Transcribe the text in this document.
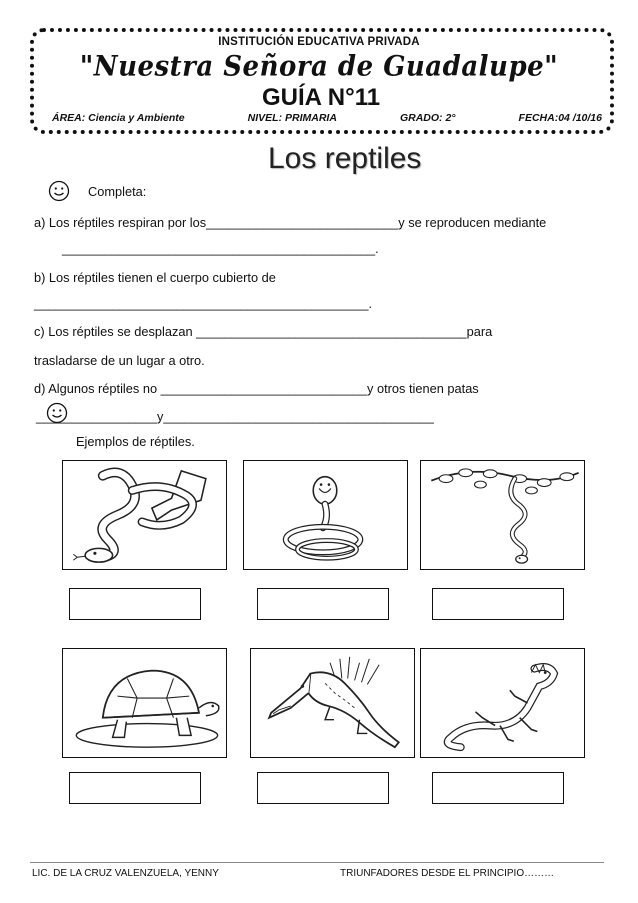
INSTITUCIÓN EDUCATIVA PRIVADA
"Nuestra Señora de Guadalupe"
GUÍA N°11
ÁREA: Ciencia y Ambiente	NIVEL: PRIMARIA	GRADO: 2°	FECHA:04 /10/16
Los reptiles
Completa:
a) Los réptiles respiran por los___________________________y se reproducen mediante
____________________________________________.
b) Los réptiles tienen el cuerpo cubierto de
_______________________________________________.
c) Los réptiles se desplazan ______________________________________para
trasladarse de un lugar a otro.
d) Algunos réptiles no _____________________________y otros tienen patas
_________________y______________________________________
Ejemplos de réptiles.
LIC. DE LA CRUZ VALENZUELA, YENNY	TRIUNFADORES DESDE EL PRINCIPIO………
